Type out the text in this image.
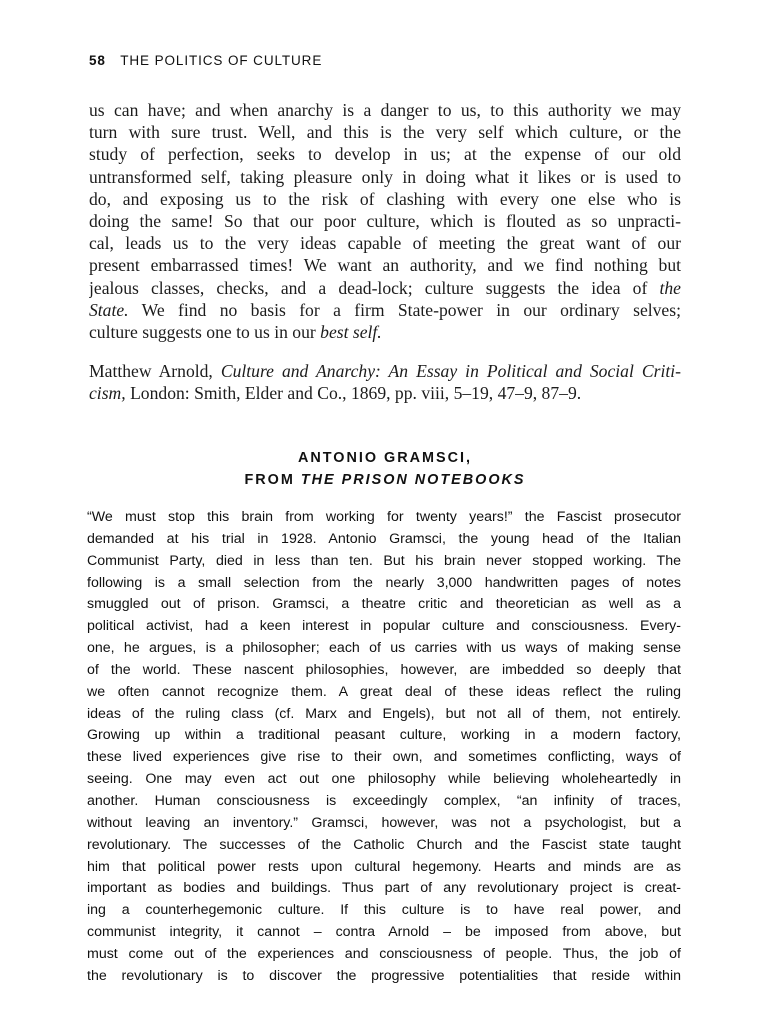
58 THE POLITICS OF CULTURE
us can have; and when anarchy is a danger to us, to this authority we may
turn with sure trust. Well, and this is the very self which culture, or the
study of perfection, seeks to develop in us; at the expense of our old
untransformed self, taking pleasure only in doing what it likes or is used to
do, and exposing us to the risk of clashing with every one else who is
doing the same! So that our poor culture, which is flouted as so unpracti-
cal, leads us to the very ideas capable of meeting the great want of our
present embarrassed times! We want an authority, and we find nothing but
jealous classes, checks, and a dead-lock; culture suggests the idea of the
State. We find no basis for a firm State-power in our ordinary selves;
culture suggests one to us in our best self.
Matthew Arnold, Culture and Anarchy: An Essay in Political and Social Criti-
cism, London: Smith, Elder and Co., 1869, pp. viii, 5–19, 47–9, 87–9.
ANTONIO GRAMSCI,
FROM THE PRISON NOTEBOOKS
“We must stop this brain from working for twenty years!” the Fascist prosecutor
demanded at his trial in 1928. Antonio Gramsci, the young head of the Italian
Communist Party, died in less than ten. But his brain never stopped working. The
following is a small selection from the nearly 3,000 handwritten pages of notes
smuggled out of prison. Gramsci, a theatre critic and theoretician as well as a
political activist, had a keen interest in popular culture and consciousness. Every-
one, he argues, is a philosopher; each of us carries with us ways of making sense
of the world. These nascent philosophies, however, are imbedded so deeply that
we often cannot recognize them. A great deal of these ideas reflect the ruling
ideas of the ruling class (cf. Marx and Engels), but not all of them, not entirely.
Growing up within a traditional peasant culture, working in a modern factory,
these lived experiences give rise to their own, and sometimes conflicting, ways of
seeing. One may even act out one philosophy while believing wholeheartedly in
another. Human consciousness is exceedingly complex, “an infinity of traces,
without leaving an inventory.” Gramsci, however, was not a psychologist, but a
revolutionary. The successes of the Catholic Church and the Fascist state taught
him that political power rests upon cultural hegemony. Hearts and minds are as
important as bodies and buildings. Thus part of any revolutionary project is creat-
ing a counterhegemonic culture. If this culture is to have real power, and
communist integrity, it cannot – contra Arnold – be imposed from above, but
must come out of the experiences and consciousness of people. Thus, the job of
the revolutionary is to discover the progressive potentialities that reside within
